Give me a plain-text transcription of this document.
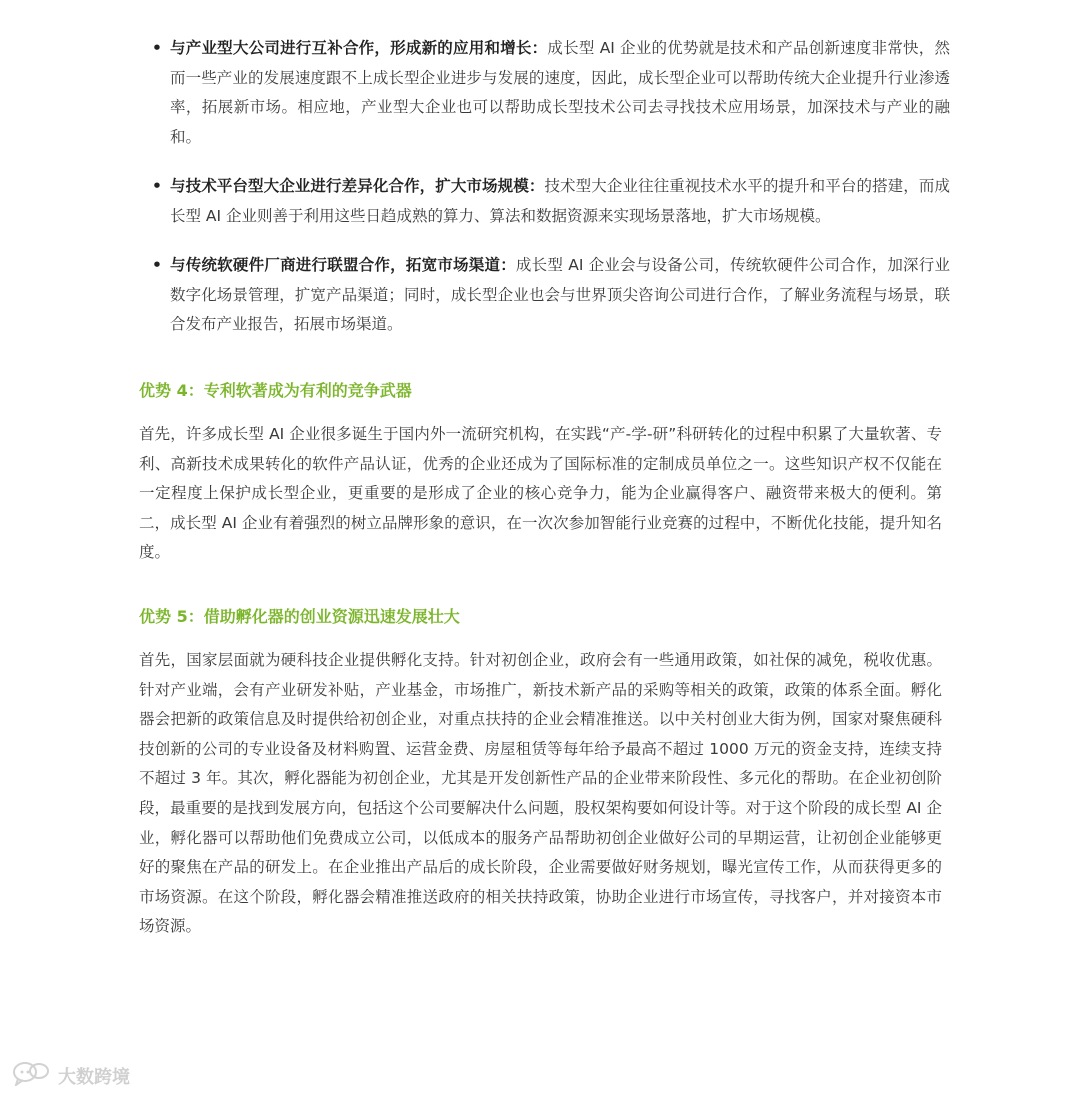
• 与产业型大公司进行互补合作，形成新的应用和增长：成长型 AI 企业的优势就是技术和产品创新速度非常快，然而一些产业的发展速度跟不上成长型企业进步与发展的速度，因此，成长型企业可以帮助传统大企业提升行业渗透率，拓展新市场。相应地，产业型大企业也可以帮助成长型技术公司去寻找技术应用场景，加深技术与产业的融和。
• 与技术平台型大企业进行差异化合作，扩大市场规模：技术型大企业往往重视技术水平的提升和平台的搭建，而成长型 AI 企业则善于利用这些日趋成熟的算力、算法和数据资源来实现场景落地，扩大市场规模。
• 与传统软硬件厂商进行联盟合作，拓宽市场渠道：成长型 AI 企业会与设备公司，传统软硬件公司合作，加深行业数字化场景管理，扩宽产品渠道；同时，成长型企业也会与世界顶尖咨询公司进行合作，了解业务流程与场景，联合发布产业报告，拓展市场渠道。
优势 4：专利软著成为有利的竞争武器
首先，许多成长型 AI 企业很多诞生于国内外一流研究机构，在实践“产-学-研”科研转化的过程中积累了大量软著、专利、高新技术成果转化的软件产品认证，优秀的企业还成为了国际标准的定制成员单位之一。这些知识产权不仅能在一定程度上保护成长型企业，更重要的是形成了企业的核心竞争力，能为企业赢得客户、融资带来极大的便利。第二，成长型 AI 企业有着强烈的树立品牌形象的意识，在一次次参加智能行业竞赛的过程中，不断优化技能，提升知名度。
优势 5：借助孵化器的创业资源迅速发展壮大
首先，国家层面就为硬科技企业提供孵化支持。针对初创企业，政府会有一些通用政策，如社保的减免，税收优惠。针对产业端，会有产业研发补贴，产业基金，市场推广，新技术新产品的采购等相关的政策，政策的体系全面。孵化器会把新的政策信息及时提供给初创企业，对重点扶持的企业会精准推送。以中关村创业大街为例，国家对聚焦硬科技创新的公司的专业设备及材料购置、运营金费、房屋租赁等每年给予最高不超过 1000 万元的资金支持，连续支持不超过 3 年。其次，孵化器能为初创企业，尤其是开发创新性产品的企业带来阶段性、多元化的帮助。在企业初创阶段，最重要的是找到发展方向，包括这个公司要解决什么问题，股权架构要如何设计等。对于这个阶段的成长型 AI 企业，孵化器可以帮助他们免费成立公司，以低成本的服务产品帮助初创企业做好公司的早期运营，让初创企业能够更好的聚焦在产品的研发上。在企业推出产品后的成长阶段，企业需要做好财务规划，曝光宣传工作，从而获得更多的市场资源。在这个阶段，孵化器会精准推送政府的相关扶持政策，协助企业进行市场宣传，寻找客户，并对接资本市场资源。
大数跨境
